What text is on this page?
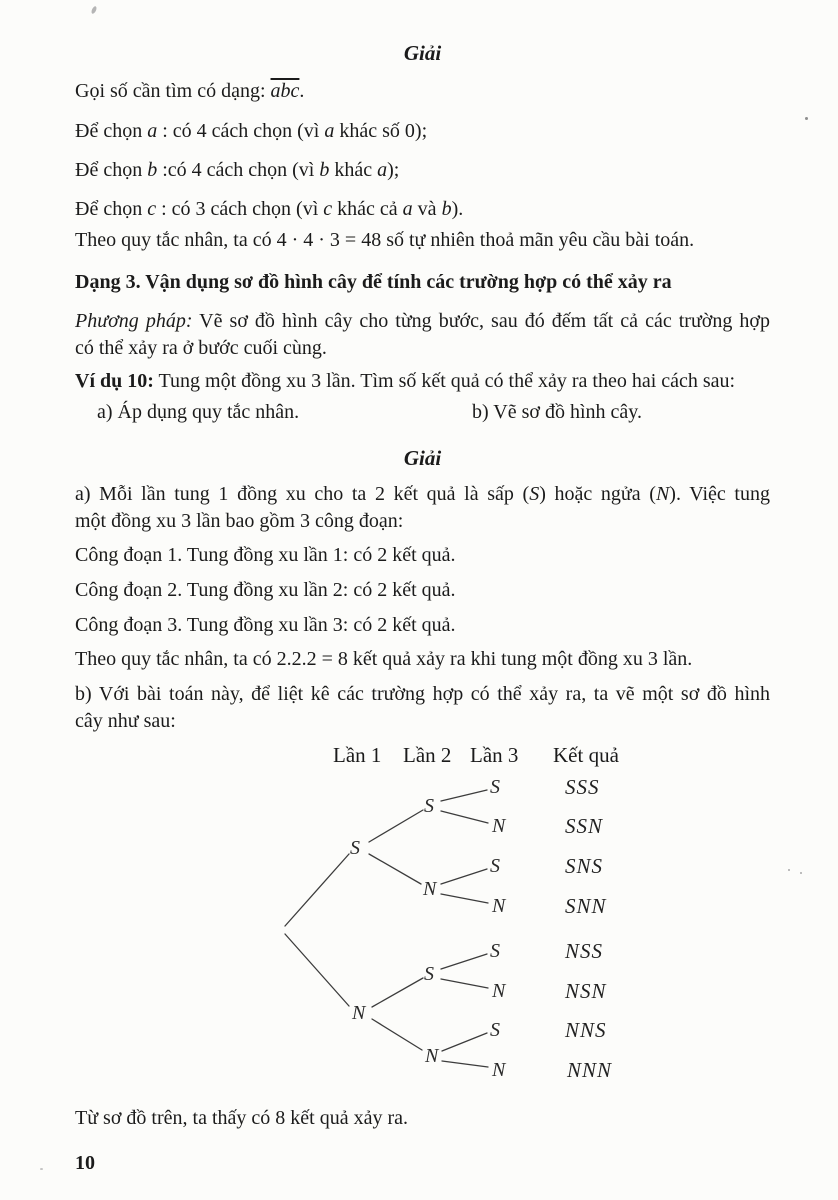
Giải

Gọi số cần tìm có dạng: $\overline{abc}$.

Để chọn a : có 4 cách chọn (vì a khác số 0);

Để chọn b :có 4 cách chọn (vì b khác a);

Để chọn c : có 3 cách chọn (vì c khác cả a và b).

Theo quy tắc nhân, ta có 4 · 4 · 3 = 48 số tự nhiên thoả mãn yêu cầu bài toán.

Dạng 3. Vận dụng sơ đồ hình cây để tính các trường hợp có thể xảy ra

Phương pháp: Vẽ sơ đồ hình cây cho từng bước, sau đó đếm tất cả các trường hợp
có thể xảy ra ở bước cuối cùng.

Ví dụ 10: Tung một đồng xu 3 lần. Tìm số kết quả có thể xảy ra theo hai cách sau:

a) Áp dụng quy tắc nhân.	b) Vẽ sơ đồ hình cây.

Giải

a) Mỗi lần tung 1 đồng xu cho ta 2 kết quả là sấp (S) hoặc ngửa (N). Việc tung
một đồng xu 3 lần bao gồm 3 công đoạn:

Công đoạn 1. Tung đồng xu lần 1: có 2 kết quả.

Công đoạn 2. Tung đồng xu lần 2: có 2 kết quả.

Công đoạn 3. Tung đồng xu lần 3: có 2 kết quả.

Theo quy tắc nhân, ta có 2.2.2 = 8 kết quả xảy ra khi tung một đồng xu 3 lần.

b) Với bài toán này, để liệt kê các trường hợp có thể xảy ra, ta vẽ một sơ đồ hình
cây như sau:
Lần 1 Lần 2 Lần 3 Kết quả
S
N
S
N
S
N
S
N
S
N
S
N
S
N
SSS
SSN
SNS
SNN
NSS
NSN
NNS
NNN

Từ sơ đồ trên, ta thấy có 8 kết quả xảy ra.

10
